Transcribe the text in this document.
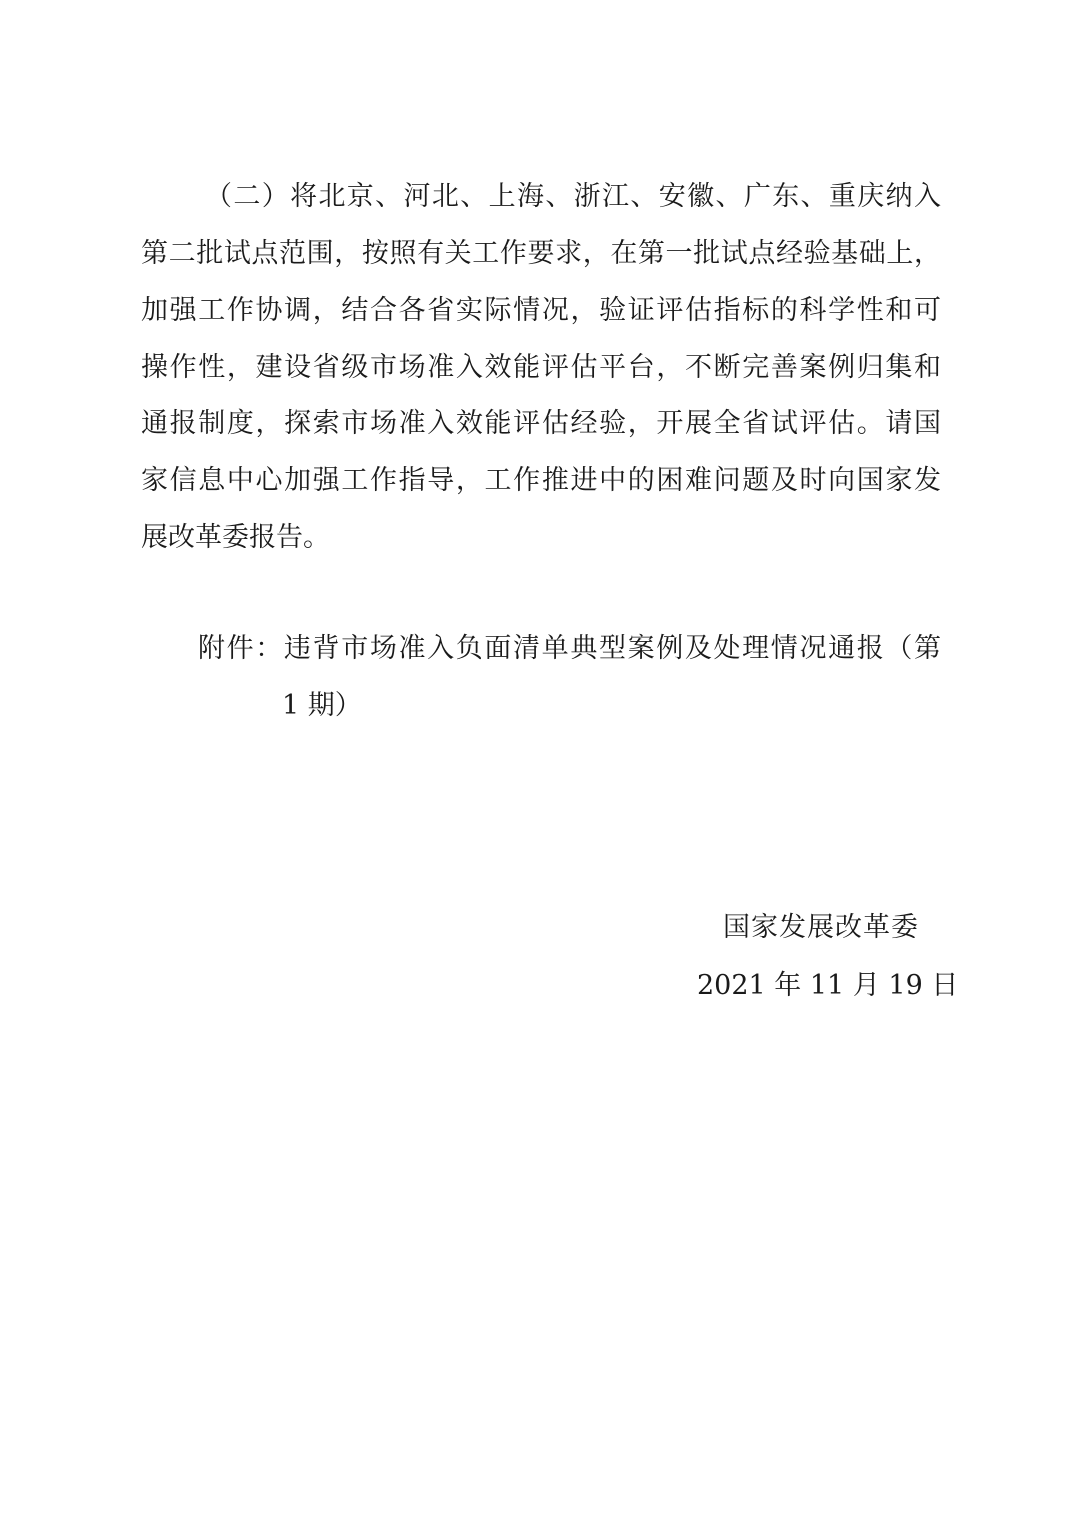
（二）将北京、河北、上海、浙江、安徽、广东、重庆纳入
第二批试点范围，按照有关工作要求，在第一批试点经验基础上，
加强工作协调，结合各省实际情况，验证评估指标的科学性和可
操作性，建设省级市场准入效能评估平台，不断完善案例归集和
通报制度，探索市场准入效能评估经验，开展全省试评估。请国
家信息中心加强工作指导，工作推进中的困难问题及时向国家发
展改革委报告。
附件：违背市场准入负面清单典型案例及处理情况通报（第
1 期）
国家发展改革委
2021 年 11 月 19 日
